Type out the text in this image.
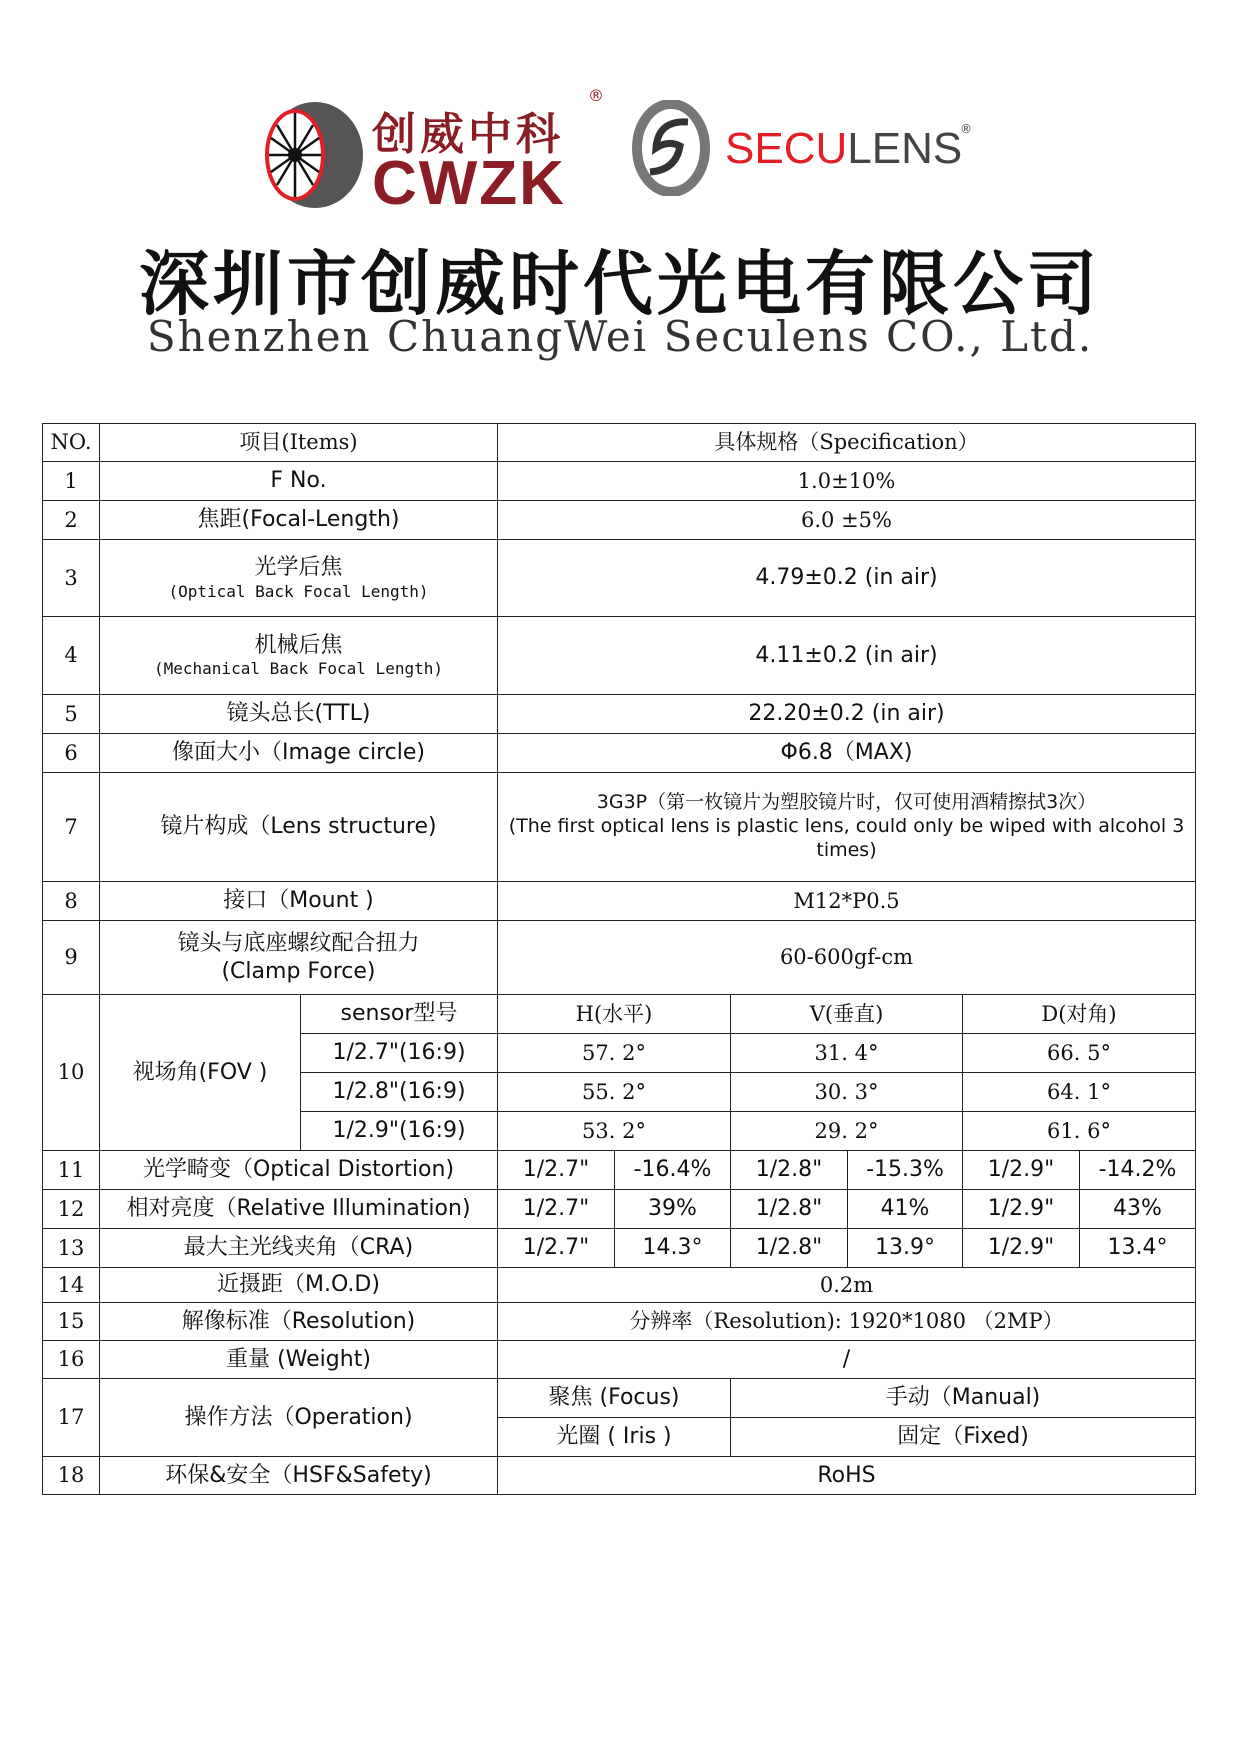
创威中科
®
CWZK
SECULENS
®
深圳市创威时代光电有限公司
Shenzhen ChuangWei Seculens CO., Ltd.
NO.	项目(Items)		具体规格（Specification）					
1	F No.		1.0±10%					
2	焦距(Focal-Length)		6.0 ±5%					
3	光学后焦
(Optical Back Focal Length)		4.79±0.2 (in air)					
4	机械后焦
(Mechanical Back Focal Length)		4.11±0.2 (in air)					
5	镜头总长(TTL)		22.20±0.2 (in air)					
6	像面大小（Image circle)		Φ6.8（MAX)					
7	镜片构成（Lens structure)		3G3P（第一枚镜片为塑胶镜片时，仅可使用酒精擦拭3次）
(The first optical lens is plastic lens, could only be wiped with alcohol 3 times)					

8	接口（Mount )		M12*P0.5					
9	镜头与底座螺纹配合扭力
(Clamp Force)		60-600gf-cm					
10	视场角(FOV )	sensor型号	H(水平)		V(垂直)		D(对角)	
		1/2.7"(16:9)	57. 2°		31. 4°		66. 5°	
		1/2.8"(16:9)	55. 2°		30. 3°		64. 1°	
		1/2.9"(16:9)	53. 2°		29. 2°		61. 6°	
11	光学畸变（Optical Distortion)		1/2.7"	-16.4%	1/2.8"	-15.3%	1/2.9"	-14.2%
12	相对亮度（Relative Illumination)		1/2.7"	39%	1/2.8"	41%	1/2.9"	43%
13	最大主光线夹角（CRA)		1/2.7"	14.3°	1/2.8"	13.9°	1/2.9"	13.4°
14	近摄距（M.O.D)		0.2m					
15	解像标准（Resolution)		分辨率（Resolution): 1920*1080 （2MP）					
16	重量 (Weight)		/					
17	操作方法（Operation)		聚焦 (Focus)		手动（Manual)			
			光圈 ( Iris )		固定（Fixed)			
18	环保&安全（HSF&Safety)		RoHS					
